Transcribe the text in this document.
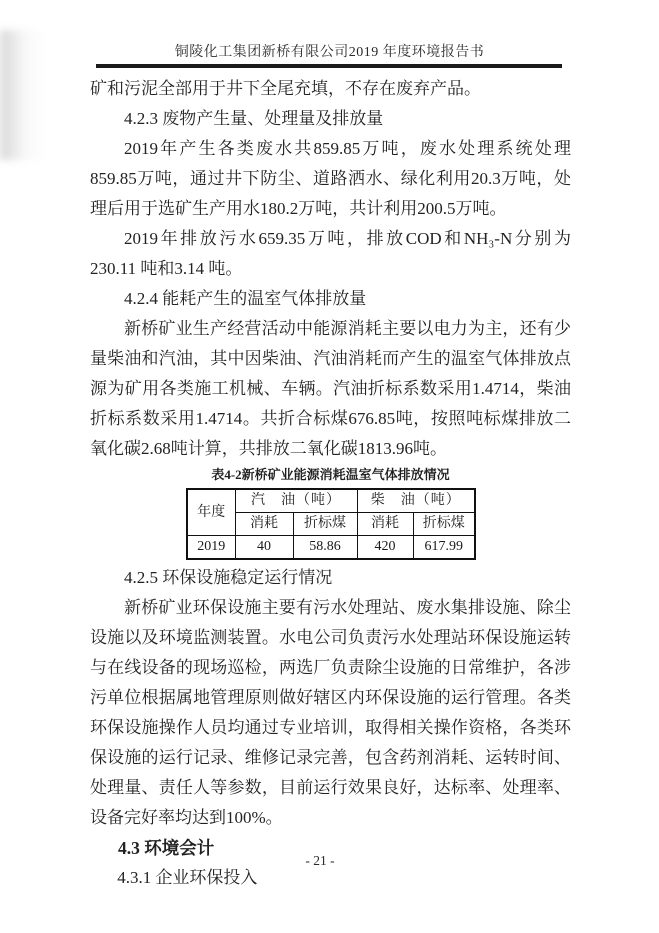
铜陵化工集团新桥有限公司2019 年度环境报告书

矿和污泥全部用于井下全尾充填，不存在废弃产品。

4.2.3 废物产生量、处理量及排放量

2019年产生各类废水共859.85万吨，废水处理系统处理859.85万吨，通过井下防尘、道路洒水、绿化利用20.3万吨，处理后用于选矿生产用水180.2万吨，共计利用200.5万吨。

2019年排放污水659.35万吨，排放COD和NH₃-N分别为230.11 吨和3.14 吨。

4.2.4 能耗产生的温室气体排放量

新桥矿业生产经营活动中能源消耗主要以电力为主，还有少量柴油和汽油，其中因柴油、汽油消耗而产生的温室气体排放点源为矿用各类施工机械、车辆。汽油折标系数采用1.4714，柴油折标系数采用1.4714。共折合标煤676.85吨，按照吨标煤排放二氧化碳2.68吨计算，共排放二氧化碳1813.96吨。

表4-2新桥矿业能源消耗温室气体排放情况
年度	汽　油（吨）		柴　油（吨）	
	消耗	折标煤	消耗	折标煤
2019	40	58.86	420	617.99
4.2.5 环保设施稳定运行情况

新桥矿业环保设施主要有污水处理站、废水集排设施、除尘设施以及环境监测装置。水电公司负责污水处理站环保设施运转与在线设备的现场巡检，两选厂负责除尘设施的日常维护，各涉污单位根据属地管理原则做好辖区内环保设施的运行管理。各类环保设施操作人员均通过专业培训，取得相关操作资格，各类环保设施的运行记录、维修记录完善，包含药剂消耗、运转时间、处理量、责任人等参数，目前运行效果良好，达标率、处理率、设备完好率均达到100%。

4.3 环境会计
4.3.1 企业环保投入
- 21 -
